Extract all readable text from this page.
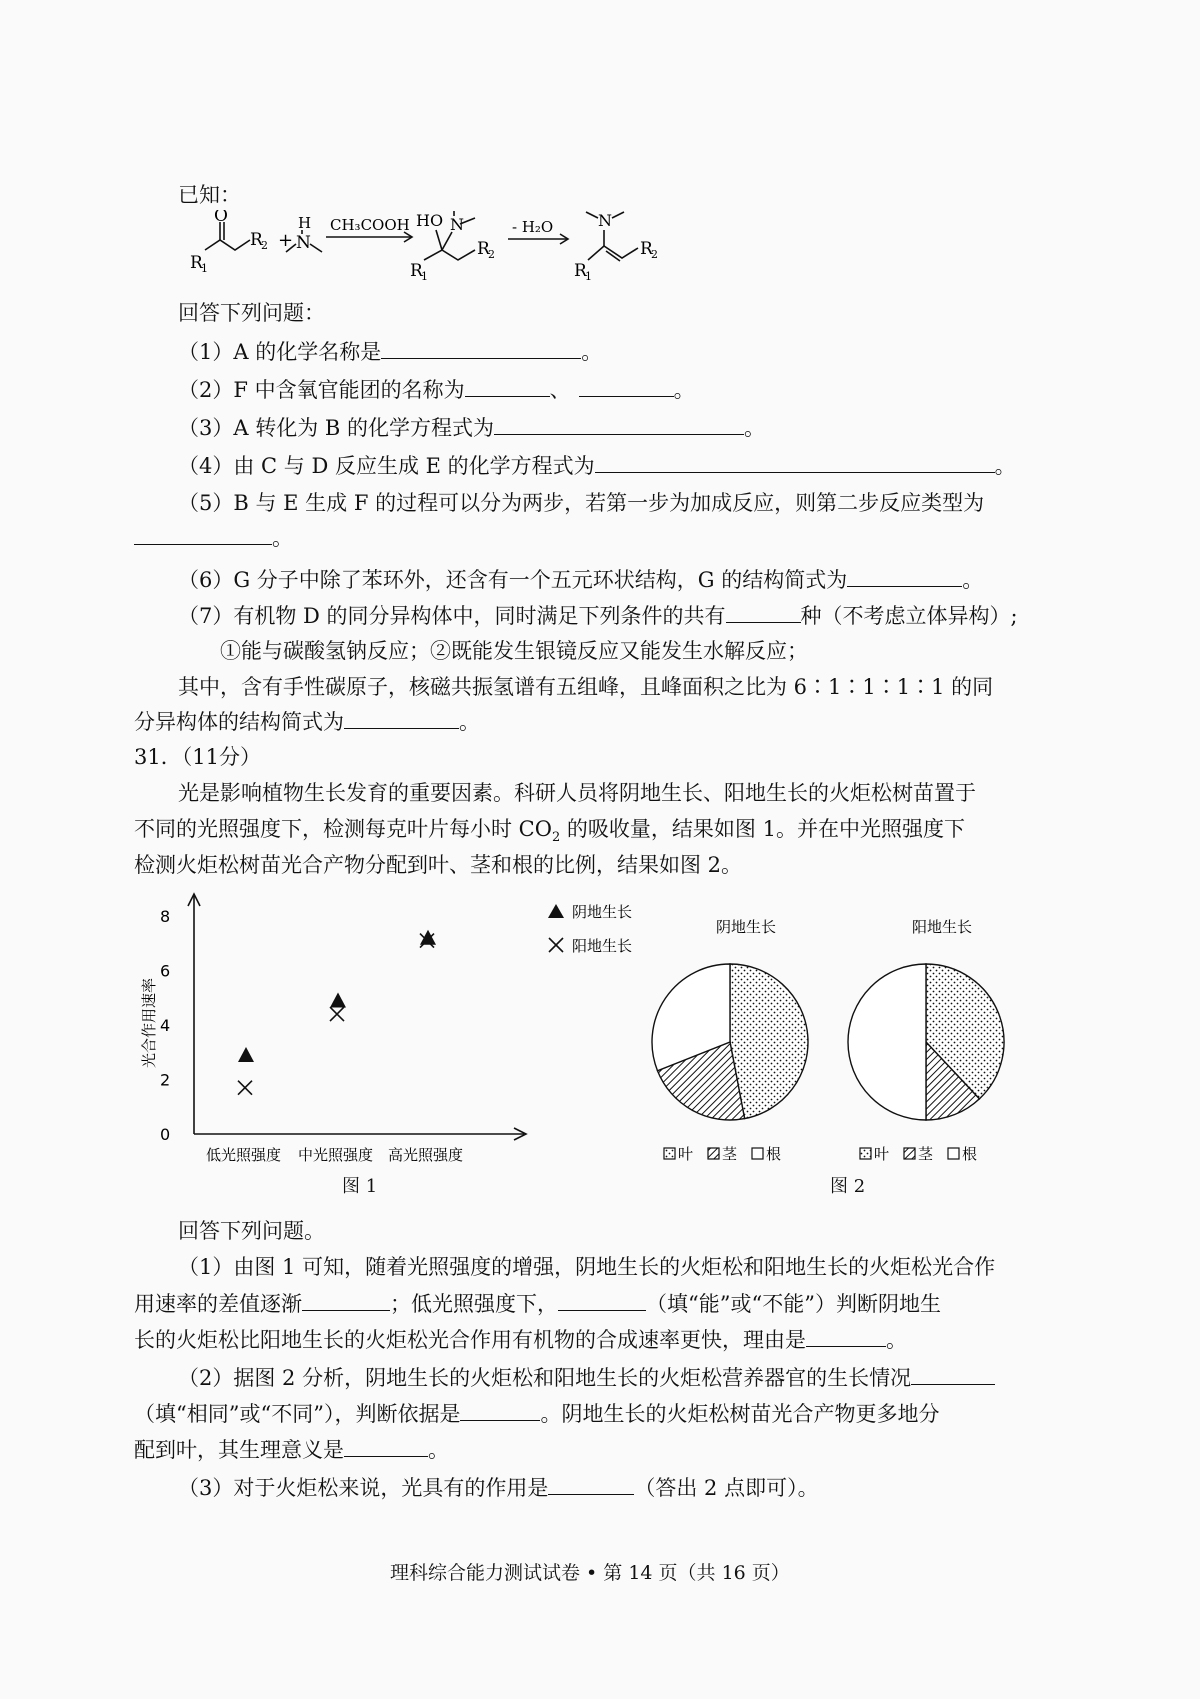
已知：
O
R
1
R
2 +
H
N
CH₃COOH HO N
R
1
R
2
- H₂O	N
R
1
R
2
回答下列问题：
（1）A 的化学名称是	。
（2）F 中含氧官能团的名称为	、	。
（3）A 转化为 B 的化学方程式为	。
（4）由 C 与 D 反应生成 E 的化学方程式为	。
（5）B 与 E 生成 F 的过程可以分为两步，若第一步为加成反应，则第二步反应类型为
。
（6）G 分子中除了苯环外，还含有一个五元环状结构，G 的结构简式为	。
（7）有机物 D 的同分异构体中，同时满足下列条件的共有	种（不考虑立体异构）;
①能与碳酸氢钠反应；②既能发生银镜反应又能发生水解反应；
其中，含有手性碳原子，核磁共振氢谱有五组峰，且峰面积之比为 6∶1∶1∶1∶1 的同
分异构体的结构简式为	。
31．（11分）
光是影响植物生长发育的重要因素。科研人员将阴地生长、阳地生长的火炬松树苗置于
不同的光照强度下，检测每克叶片每小时 $CO_2$ 的吸收量，结果如图 1。并在中光照强度下
检测火炬松树苗光合产物分配到叶、茎和根的比例，结果如图 2。
光合作用速率
0
2
4
6
8
低光照强度 中光照强度 高光照强度
阴地生长
阳地生长
图 1
阴地生长	阳地生长
叶 茎 根	叶 茎 根
图 2
回答下列问题。
（1）由图 1 可知，随着光照强度的增强，阴地生长的火炬松和阳地生长的火炬松光合作
用速率的差值逐渐	；低光照强度下，	（填“能”或“不能”）判断阴地生
长的火炬松比阳地生长的火炬松光合作用有机物的合成速率更快，理由是	。
（2）据图 2 分析，阴地生长的火炬松和阳地生长的火炬松营养器官的生长情况
（填“相同”或“不同”），判断依据是	。阴地生长的火炬松树苗光合产物更多地分
配到叶，其生理意义是	。
（3）对于火炬松来说，光具有的作用是	（答出 2 点即可）。
理科综合能力测试试卷 • 第 14 页（共 16 页）
